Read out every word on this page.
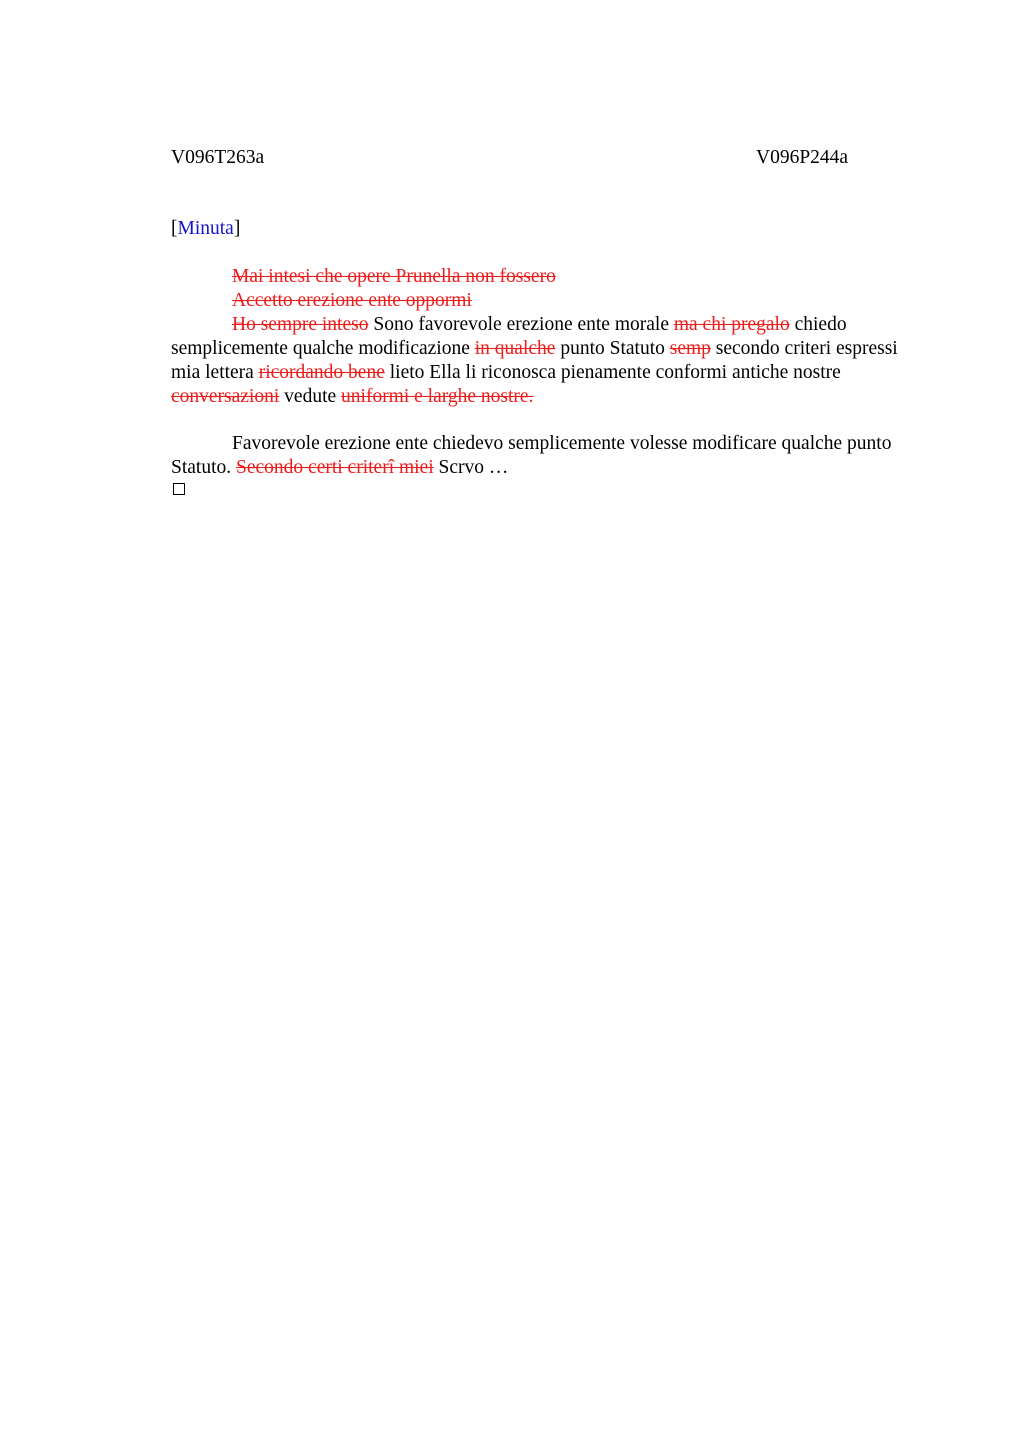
V096T263a	V096P244a
[Minuta]
Mai intesi che opere Prunella non fossero
Accetto erezione ente oppormi

Ho sempre inteso Sono favorevole erezione ente morale ma chi pregalo chiedo semplicemente qualche modificazione in qualche punto Statuto semp secondo criteri espressi mia lettera ricordando bene lieto Ella li riconosca pienamente conformi antiche nostre conversazioni vedute uniformi e larghe nostre.

Favorevole erezione ente chiedevo semplicemente volesse modificare qualche punto Statuto. Secondo certi criterî miei Scrvo …
